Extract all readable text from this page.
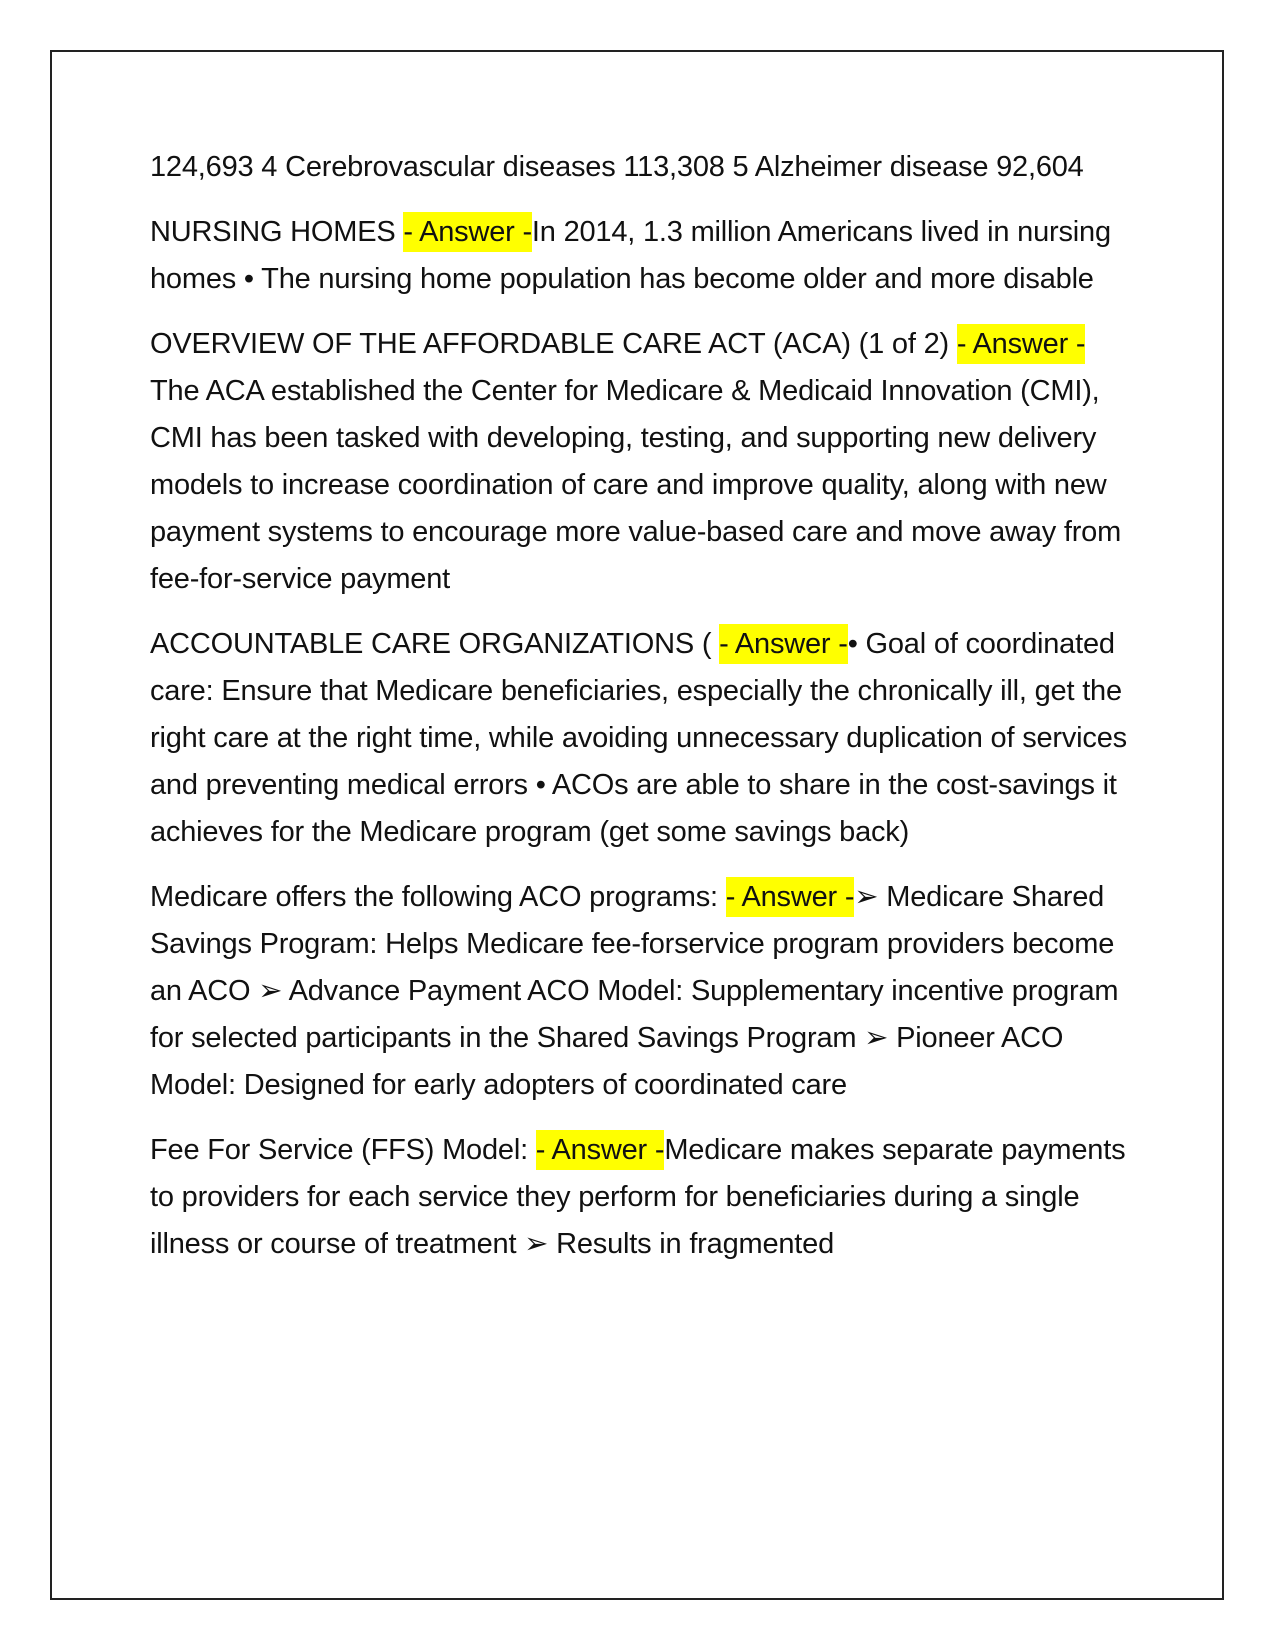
124,693 4 Cerebrovascular diseases 113,308 5 Alzheimer disease 92,604

NURSING HOMES - Answer -In 2014, 1.3 million Americans lived in nursing homes • The nursing home population has become older and more disable

OVERVIEW OF THE AFFORDABLE CARE ACT (ACA) (1 of 2) - Answer -The ACA established the Center for Medicare & Medicaid Innovation (CMI), CMI has been tasked with developing, testing, and supporting new delivery models to increase coordination of care and improve quality, along with new payment systems to encourage more value-based care and move away from fee-for-service payment

ACCOUNTABLE CARE ORGANIZATIONS ( - Answer -• Goal of coordinated care: Ensure that Medicare beneficiaries, especially the chronically ill, get the right care at the right time, while avoiding unnecessary duplication of services and preventing medical errors • ACOs are able to share in the cost-savings it achieves for the Medicare program (get some savings back)

Medicare offers the following ACO programs: - Answer -➢ Medicare Shared Savings Program: Helps Medicare fee-forservice program providers become an ACO ➢ Advance Payment ACO Model: Supplementary incentive program for selected participants in the Shared Savings Program ➢ Pioneer ACO Model: Designed for early adopters of coordinated care

Fee For Service (FFS) Model: - Answer -Medicare makes separate payments to providers for each service they perform for beneficiaries during a single illness or course of treatment ➢ Results in fragmented
